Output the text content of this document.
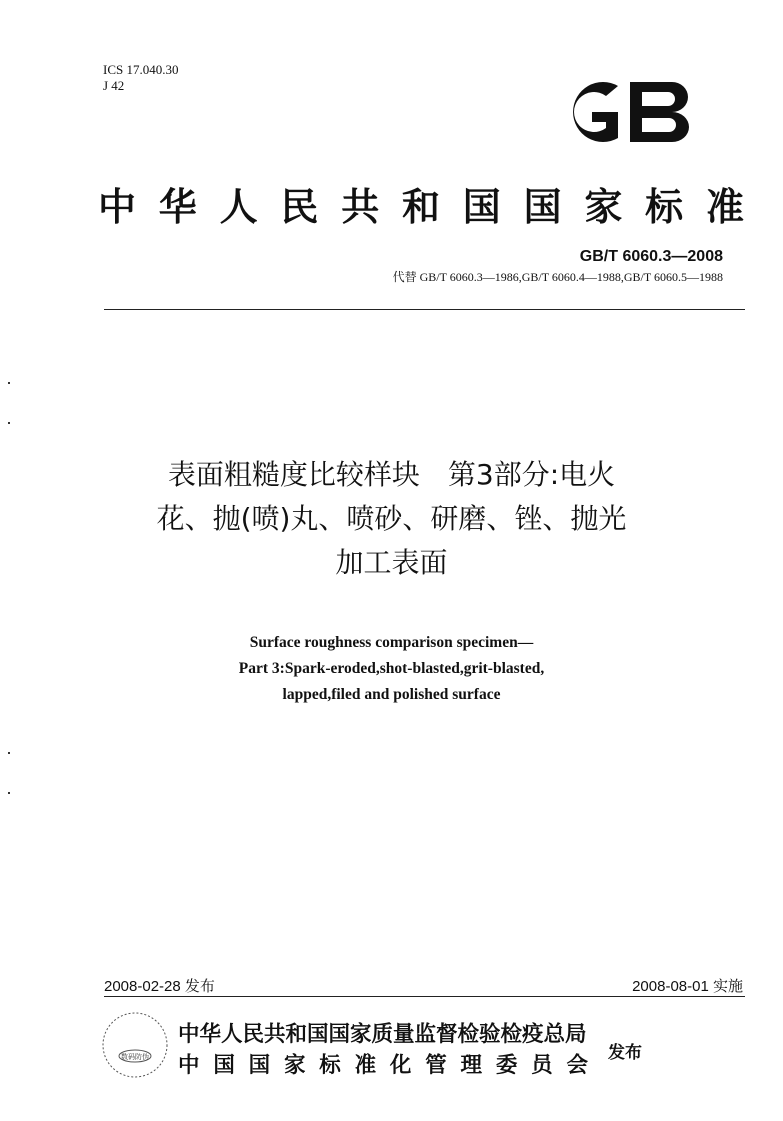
ICS 17.040.30
J 42
中华人民共和国国家标准
GB/T 6060.3—2008
代替 GB/T 6060.3—1986,GB/T 6060.4—1988,GB/T 6060.5—1988
表面粗糙度比较样块　第3部分:电火
花、抛(喷)丸、喷砂、研磨、锉、抛光
加工表面
Surface roughness comparison specimen—
Part 3:Spark-eroded,shot-blasted,grit-blasted,
lapped,filed and polished surface
2008-02-28 发布	2008-08-01 实施
数码防伪
中华人民共和国国家质量监督检验检疫总局
中国国家标准化管理委员会 发布
